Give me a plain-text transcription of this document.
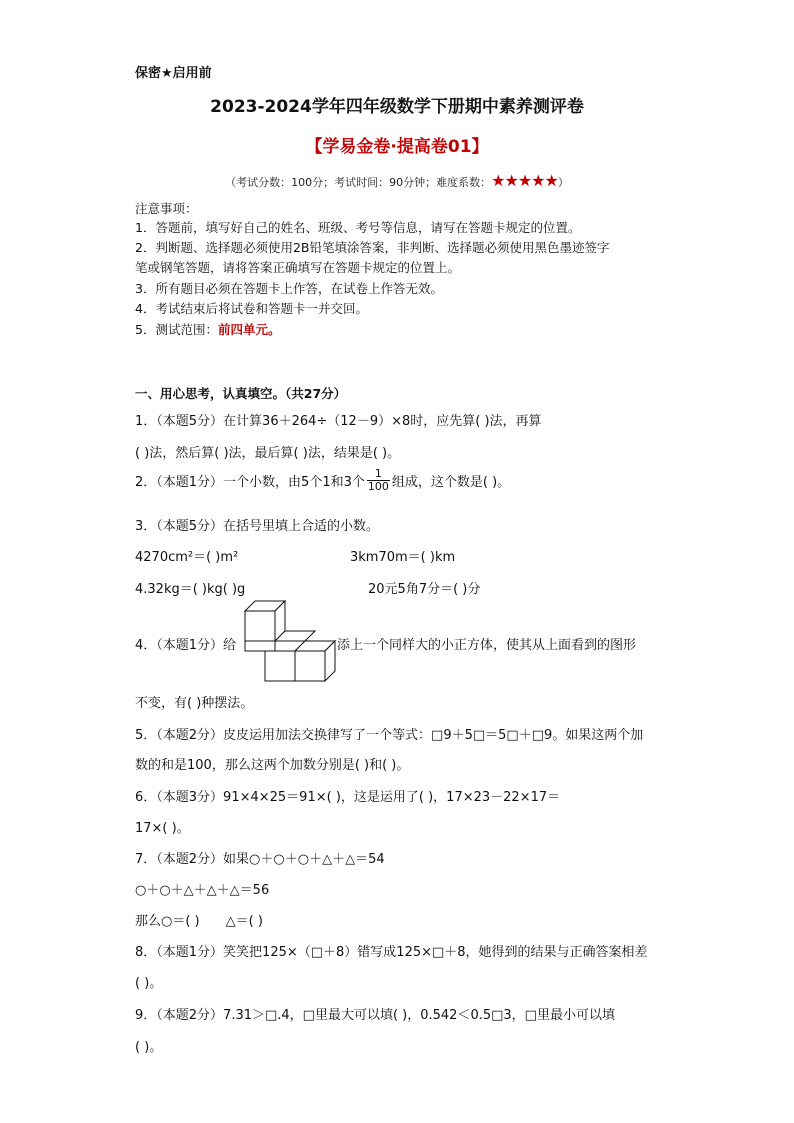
保密★启用前
2023-2024学年四年级数学下册期中素养测评卷
【学易金卷·提高卷01】
（考试分数：100分；考试时间：90分钟；难度系数：★★★★★）
注意事项：
1．答题前，填写好自己的姓名、班级、考号等信息，请写在答题卡规定的位置。
2．判断题、选择题必须使用2B铅笔填涂答案，非判断、选择题必须使用黑色墨迹签字
笔或钢笔答题，请将答案正确填写在答题卡规定的位置上。
3．所有题目必须在答题卡上作答，在试卷上作答无效。
4．考试结束后将试卷和答题卡一并交回。
5．测试范围：前四单元。
一、用心思考，认真填空。（共27分）
1．（本题5分）在计算36＋264÷（12－9）×8时，应先算( )法，再算
( )法，然后算( )法，最后算( )法，结果是( )。
2．（本题1分）一个小数，由5个1和3个 $\frac{1}{100}$ 组成，这个数是( )。
3．（本题5分）在括号里填上合适的小数。
4270cm²＝( )m²	3km70m＝( )km
4.32kg＝( )kg( )g	20元5角7分＝( )分
4．（本题1分）给	添上一个同样大的小正方体，使其从上面看到的图形
不变，有( )种摆法。
5．（本题2分）皮皮运用加法交换律写了一个等式：□9＋5□＝5□＋□9。如果这两个加
数的和是100，那么这两个加数分别是( )和( )。
6．（本题3分）91×4×25＝91×( )，这是运用了( )，17×23－22×17＝
17×( )。
7．（本题2分）如果○＋○＋○＋△＋△＝54
○＋○＋△＋△＋△＝56
那么○＝( )　　△＝( )
8．（本题1分）笑笑把125×（□＋8）错写成125×□＋8，她得到的结果与正确答案相差
( )。
9．（本题2分）7.31＞□.4，□里最大可以填( )，0.542＜0.5□3，□里最小可以填
( )。
